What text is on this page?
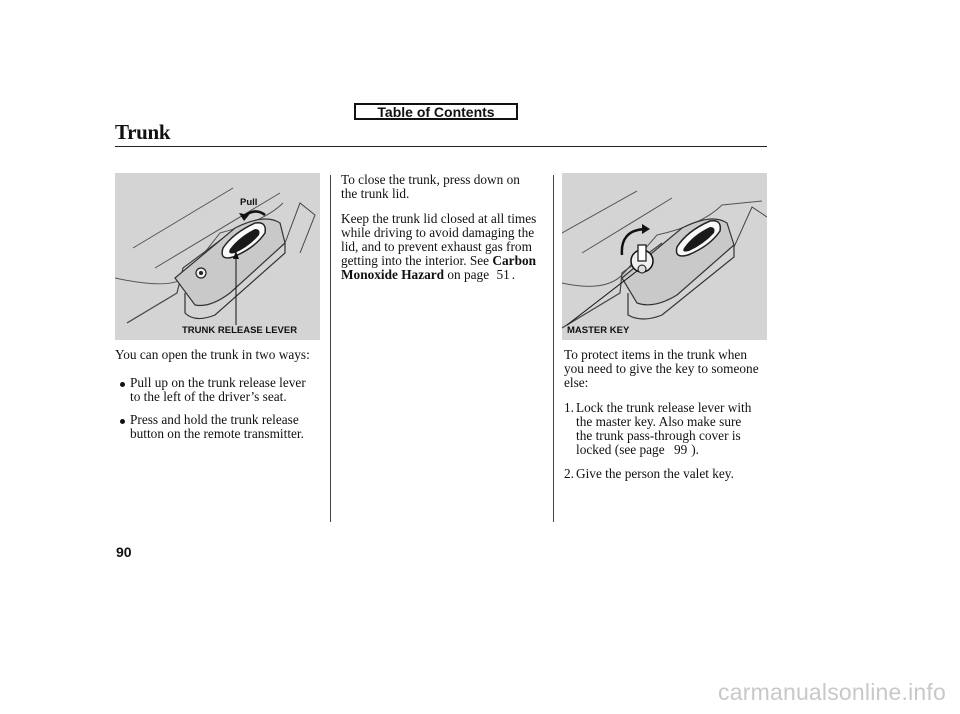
Table of Contents
Trunk
Pull
TRUNK RELEASE LEVER	MASTER KEY

You can open the trunk in two ways:

Pull up on the trunk release lever

to the left of the driver’s seat.

Press and hold the trunk release

button on the remote transmitter.

To close the trunk, press down on

the trunk lid.

Keep the trunk lid closed at all times

while driving to avoid damaging the

lid, and to prevent exhaust gas from

getting into the interior. See Carbon

Monoxide Hazard on page 51 .

To protect items in the trunk when

you need to give the key to someone

else:

1. Lock the trunk release lever with

the master key. Also make sure

the trunk pass-through cover is

locked (see page 99 ).

2. Give the person the valet key.

90
carmanualsonline.info
